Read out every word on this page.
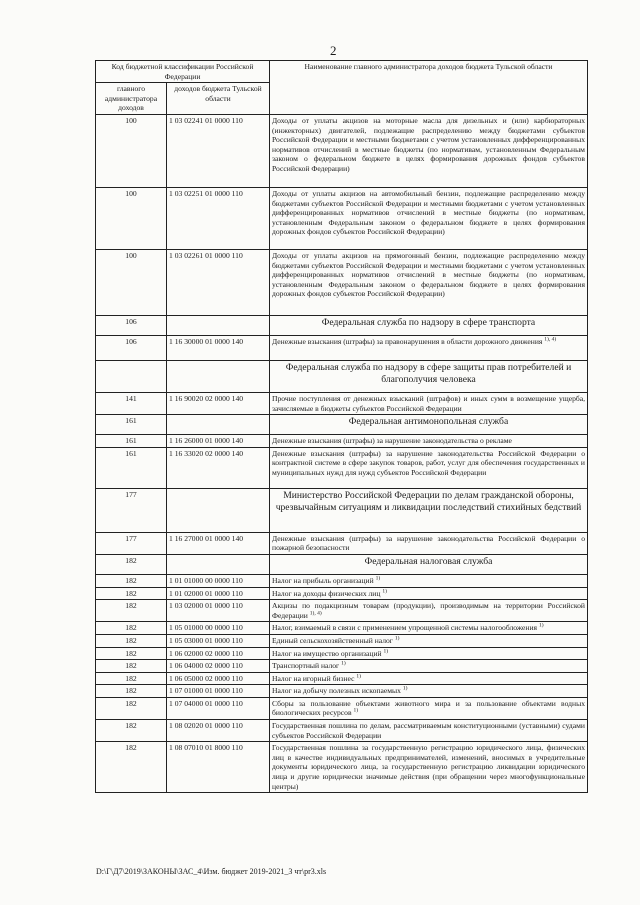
2
Код бюджетной классификации Российской Федерации		Наименование главного администратора доходов бюджета Тульской области
главного администратора доходов	доходов бюджета Тульской области	
100	1 03 02241 01 0000 110	Доходы от уплаты акцизов на моторные масла для дизельных и (или) карбюраторных (инжекторных) двигателей, подлежащие распределению между бюджетами субъектов Российской Федерации и местными бюджетами с учетом установленных дифференцированных нормативов отчислений в местные бюджеты (по нормативам, установленным Федеральным законом о федеральном бюджете в целях формирования дорожных фондов субъектов Российской Федерации)
100	1 03 02251 01 0000 110	Доходы от уплаты акцизов на автомобильный бензин, подлежащие распределению между бюджетами субъектов Российской Федерации и местными бюджетами с учетом установленных дифференцированных нормативов отчислений в местные бюджеты (по нормативам, установленным Федеральным законом о федеральном бюджете в целях формирования дорожных фондов субъектов Российской Федерации)
100	1 03 02261 01 0000 110	Доходы от уплаты акцизов на прямогонный бензин, подлежащие распределению между бюджетами субъектов Российской Федерации и местными бюджетами с учетом установленных дифференцированных нормативов отчислений в местные бюджеты (по нормативам, установленным Федеральным законом о федеральном бюджете в целях формирования дорожных фондов субъектов Российской Федерации)
106		Федеральная служба по надзору в сфере транспорта
106	1 16 30000 01 0000 140	Денежные взыскания (штрафы) за правонарушения в области дорожного движения $^{1), 4)}$
		Федеральная служба по надзору в сфере защиты прав потребителей и благополучия человека
141	1 16 90020 02 0000 140	Прочие поступления от денежных взысканий (штрафов) и иных сумм в возмещение ущерба, зачисляемые в бюджеты субъектов Российской Федерации
161		Федеральная антимонопольная служба
161	1 16 26000 01 0000 140	Денежные взыскания (штрафы) за нарушение законодательства о рекламе
161	1 16 33020 02 0000 140	Денежные взыскания (штрафы) за нарушение законодательства Российской Федерации о контрактной системе в сфере закупок товаров, работ, услуг для обеспечения государственных и муниципальных нужд для нужд субъектов Российской Федерации
177		Министерство Российской Федерации по делам гражданской обороны, чрезвычайным ситуациям и ликвидации последствий стихийных бедствий
177	1 16 27000 01 0000 140	Денежные взыскания (штрафы) за нарушение законодательства Российской Федерации о пожарной безопасности
182		Федеральная налоговая служба
182	1 01 01000 00 0000 110	Налог на прибыль организаций $^{1)}$
182	1 01 02000 01 0000 110	Налог на доходы физических лиц $^{1)}$
182	1 03 02000 01 0000 110	Акцизы по подакцизным товарам (продукции), производимым на территории Российской Федерации $^{1), 4)}$
182	1 05 01000 00 0000 110	Налог, взимаемый в связи с применением упрощенной системы налогообложения $^{1)}$
182	1 05 03000 01 0000 110	Единый сельскохозяйственный налог $^{1)}$
182	1 06 02000 02 0000 110	Налог на имущество организаций $^{1)}$
182	1 06 04000 02 0000 110	Транспортный налог $^{1)}$
182	1 06 05000 02 0000 110	Налог на игорный бизнес $^{1)}$
182	1 07 01000 01 0000 110	Налог на добычу полезных ископаемых $^{1)}$
182	1 07 04000 01 0000 110	Сборы за пользование объектами животного мира и за пользование объектами водных биологических ресурсов $^{1)}$
182	1 08 02020 01 0000 110	Государственная пошлина по делам, рассматриваемым конституционными (уставными) судами субъектов Российской Федерации
182	1 08 07010 01 8000 110	Государственная пошлина за государственную регистрацию юридического лица, физических лиц в качестве индивидуальных предпринимателей, изменений, вносимых в учредительные документы юридического лица, за государственную регистрацию ликвидации юридического лица и другие юридически значимые действия (при обращении через многофункциональные центры)
D:\Г\Д7\2019\ЗАКОНЫ\ЗАС_4\Изм. бюджет 2019-2021_3 чт\pr3.xls
